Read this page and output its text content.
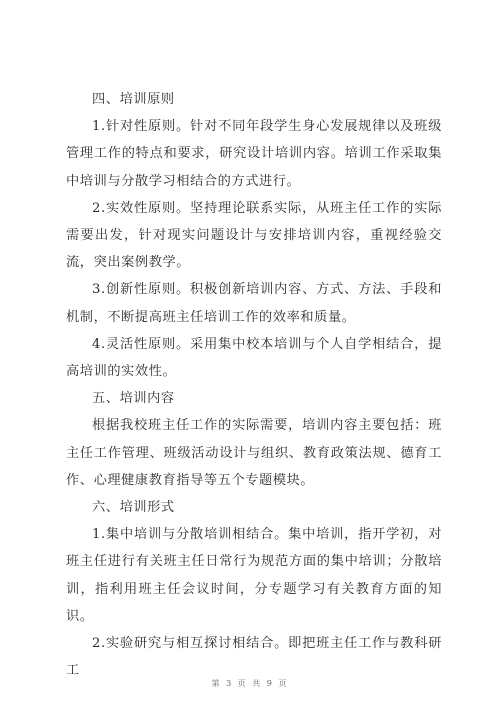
四、培训原则

1.针对性原则。针对不同年段学生身心发展规律以及班级管理工作的特点和要求，研究设计培训内容。培训工作采取集中培训与分散学习相结合的方式进行。

2.实效性原则。坚持理论联系实际，从班主任工作的实际需要出发，针对现实问题设计与安排培训内容，重视经验交流，突出案例教学。

3.创新性原则。积极创新培训内容、方式、方法、手段和机制，不断提高班主任培训工作的效率和质量。

4.灵活性原则。采用集中校本培训与个人自学相结合，提高培训的实效性。

五、培训内容

根据我校班主任工作的实际需要，培训内容主要包括：班主任工作管理、班级活动设计与组织、教育政策法规、德育工作、心理健康教育指导等五个专题模块。

六、培训形式

1.集中培训与分散培训相结合。集中培训，指开学初，对班主任进行有关班主任日常行为规范方面的集中培训；分散培训，指利用班主任会议时间，分专题学习有关教育方面的知识。

2.实验研究与相互探讨相结合。即把班主任工作与教科研工

第 3 页 共 9 页
